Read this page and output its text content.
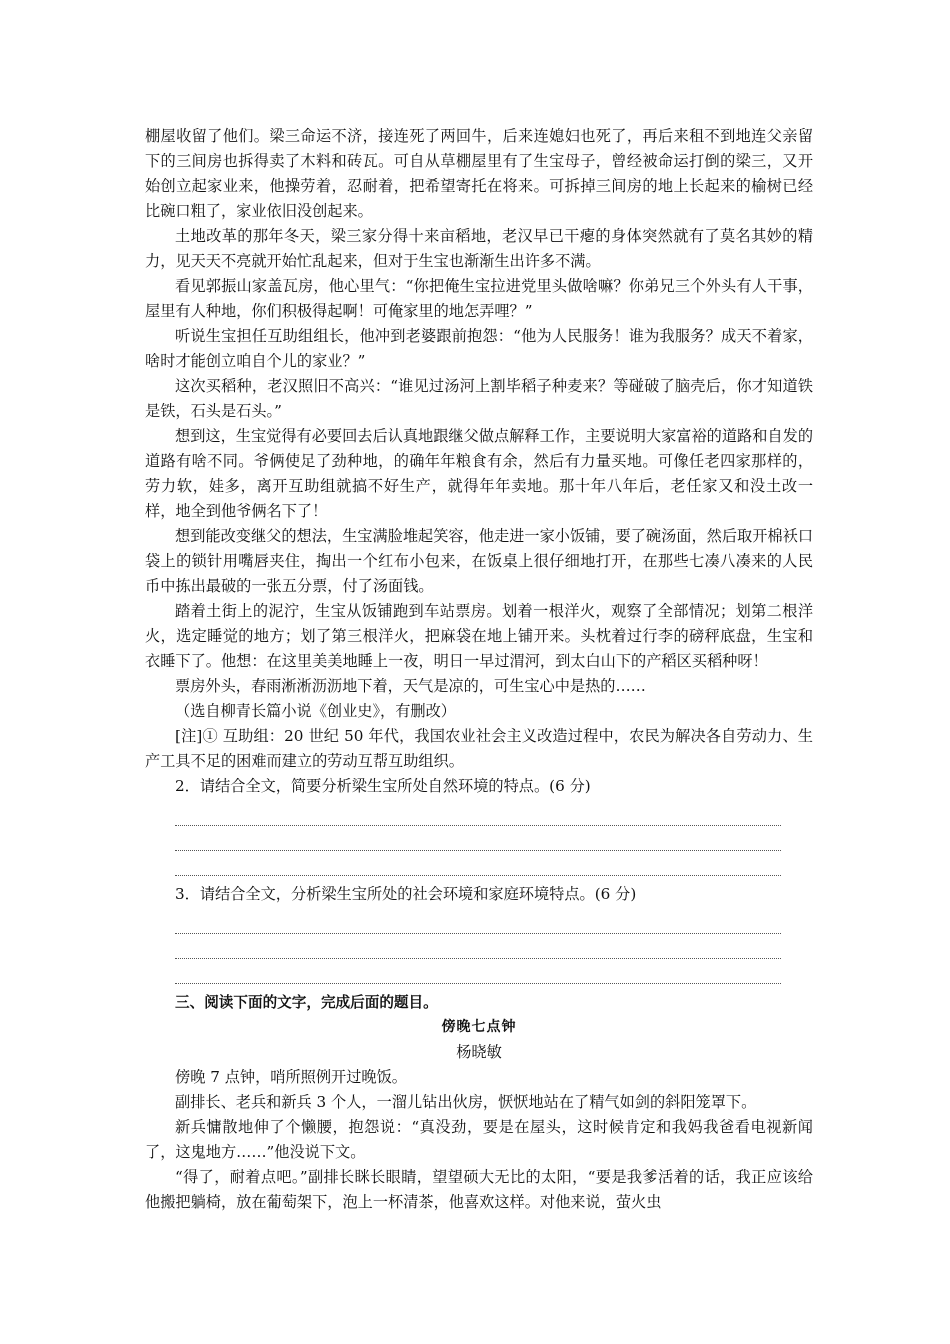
棚屋收留了他们。梁三命运不济，接连死了两回牛，后来连媳妇也死了，再后来租不到地连父亲留下的三间房也拆得卖了木料和砖瓦。可自从草棚屋里有了生宝母子，曾经被命运打倒的梁三，又开始创立起家业来，他操劳着，忍耐着，把希望寄托在将来。可拆掉三间房的地上长起来的榆树已经比碗口粗了，家业依旧没创起来。

土地改革的那年冬天，梁三家分得十来亩稻地，老汉早已干瘪的身体突然就有了莫名其妙的精力，见天天不亮就开始忙乱起来，但对于生宝也渐渐生出许多不满。

看见郭振山家盖瓦房，他心里气：“你把俺生宝拉进党里头做啥嘛？你弟兄三个外头有人干事，屋里有人种地，你们积极得起啊！可俺家里的地怎弄哩？”

听说生宝担任互助组组长，他冲到老婆跟前抱怨：“他为人民服务！谁为我服务？成天不着家，啥时才能创立咱自个儿的家业？”

这次买稻种，老汉照旧不高兴：“谁见过汤河上割毕稻子种麦来？等碰破了脑壳后，你才知道铁是铁，石头是石头。”

想到这，生宝觉得有必要回去后认真地跟继父做点解释工作，主要说明大家富裕的道路和自发的道路有啥不同。爷俩使足了劲种地，的确年年粮食有余，然后有力量买地。可像任老四家那样的，劳力软，娃多，离开互助组就搞不好生产，就得年年卖地。那十年八年后，老任家又和没土改一样，地全到他爷俩名下了！

想到能改变继父的想法，生宝满脸堆起笑容，他走进一家小饭铺，要了碗汤面，然后取开棉袄口袋上的锁针用嘴唇夹住，掏出一个红布小包来，在饭桌上很仔细地打开，在那些七凑八凑来的人民币中拣出最破的一张五分票，付了汤面钱。

踏着土街上的泥泞，生宝从饭铺跑到车站票房。划着一根洋火，观察了全部情况；划第二根洋火，选定睡觉的地方；划了第三根洋火，把麻袋在地上铺开来。头枕着过行李的磅秤底盘，生宝和衣睡下了。他想：在这里美美地睡上一夜，明日一早过渭河，到太白山下的产稻区买稻种呀！

票房外头，春雨淅淅沥沥地下着，天气是凉的，可生宝心中是热的……

（选自柳青长篇小说《创业史》，有删改）

[注]① 互助组：20 世纪 50 年代，我国农业社会主义改造过程中，农民为解决各自劳动力、生产工具不足的困难而建立的劳动互帮互助组织。

2．请结合全文，简要分析梁生宝所处自然环境的特点。(6 分)

3．请结合全文，分析梁生宝所处的社会环境和家庭环境特点。(6 分)

三、阅读下面的文字，完成后面的题目。

傍晚七点钟

杨晓敏

傍晚 7 点钟，哨所照例开过晚饭。

副排长、老兵和新兵 3 个人，一溜儿钻出伙房，恹恹地站在了精气如剑的斜阳笼罩下。

新兵慵散地伸了个懒腰，抱怨说：“真没劲，要是在屋头，这时候肯定和我妈我爸看电视新闻了，这鬼地方……”他没说下文。

“得了，耐着点吧。”副排长眯长眼睛，望望硕大无比的太阳，“要是我爹活着的话，我正应该给他搬把躺椅，放在葡萄架下，泡上一杯清茶，他喜欢这样。对他来说，萤火虫
